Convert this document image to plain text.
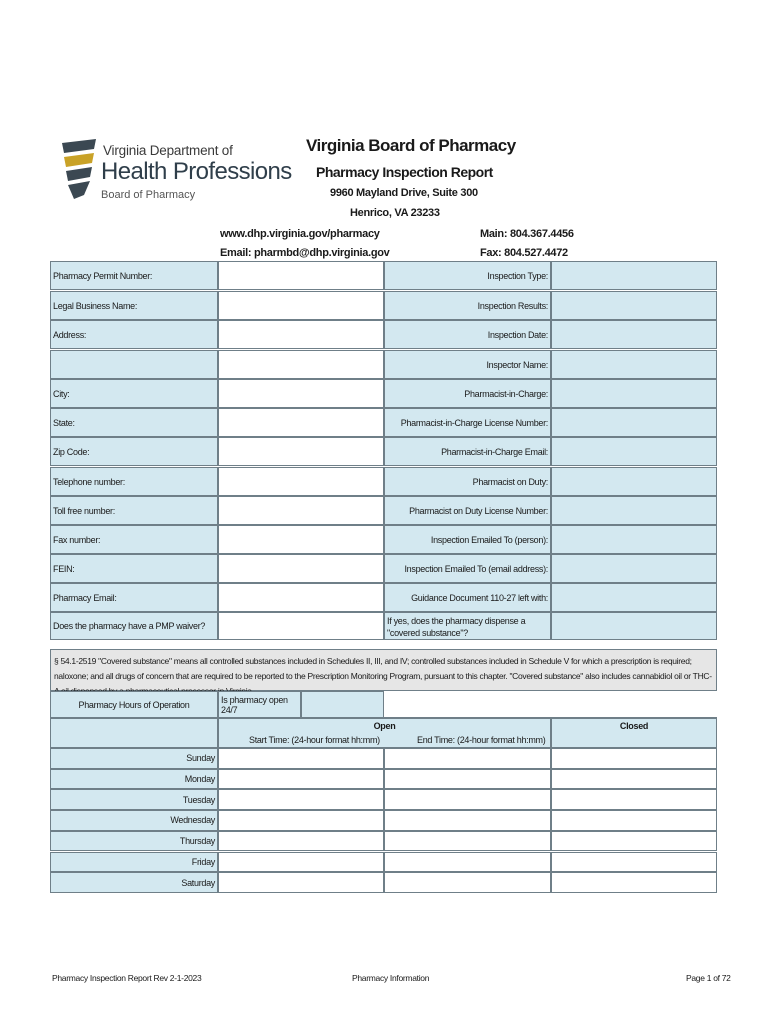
Virginia Department of
Health Professions
Board of Pharmacy
Virginia Board of Pharmacy
Pharmacy Inspection Report
9960 Mayland Drive, Suite 300
Henrico, VA 23233
www.dhp.virginia.gov/pharmacy
Email: pharmbd@dhp.virginia.gov
Main: 804.367.4456
Fax: 804.527.4472
Pharmacy Permit Number:	Inspection Type:
Legal Business Name:	Inspection Results:
Address:	Inspection Date:
Inspector Name:
City:	Pharmacist-in-Charge:
State:	Pharmacist-in-Charge License Number:
Zip Code:	Pharmacist-in-Charge Email:
Telephone number:	Pharmacist on Duty:
Toll free number:	Pharmacist on Duty License Number:
Fax number:	Inspection Emailed To (person):
FEIN:	Inspection Emailed To (email address):
Pharmacy Email:	Guidance Document 110-27 left with:
Does the pharmacy have a PMP waiver?	If yes, does the pharmacy dispense a "covered substance"?
§ 54.1-2519 "Covered substance" means all controlled substances included in Schedules II, III, and IV; controlled substances included in Schedule V for which a prescription is required; naloxone; and all drugs of concern that are required to be reported to the Prescription Monitoring Program, pursuant to this chapter. "Covered substance" also includes cannabidiol oil or THC-
Pharmacy Hours of Operation	Is pharmacy open 24/7
Open
Start Time: (24-hour format hh:mm)	End Time: (24-hour format hh:mm)
Closed
Sunday
Monday
Tuesday
Wednesday
Thursday
Friday
Saturday
Pharmacy Inspection Report Rev 2-1-2023	Pharmacy Information	Page 1 of 72
